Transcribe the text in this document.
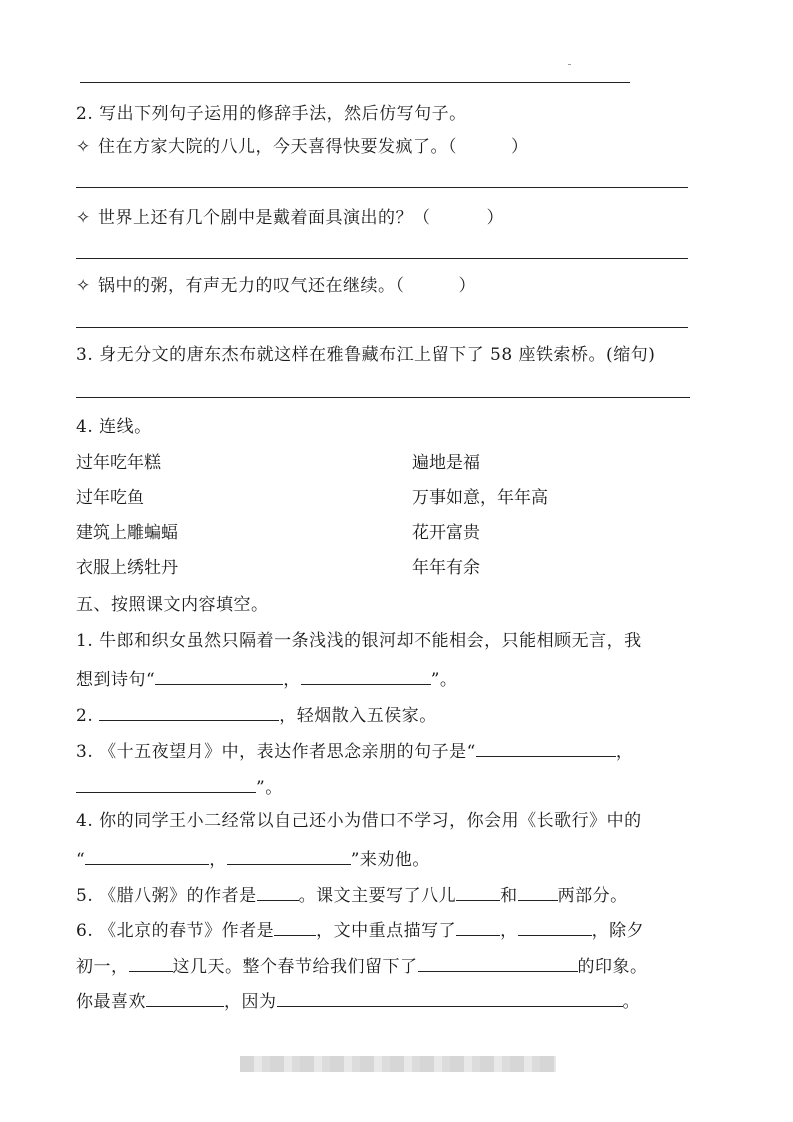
2. 写出下列句子运用的修辞手法，然后仿写句子。
✧ 住在方家大院的八儿，今天喜得快要发疯了。（	）
✧ 世界上还有几个剧中是戴着面具演出的？（	）
✧ 锅中的粥，有声无力的叹气还在继续。（	）
3. 身无分文的唐东杰布就这样在雅鲁藏布江上留下了 58 座铁索桥。(缩句)
4. 连线。
过年吃年糕	遍地是福
过年吃鱼	万事如意，年年高
建筑上雕蝙蝠	花开富贵
衣服上绣牡丹	年年有余
五、按照课文内容填空。
1. 牛郎和织女虽然只隔着一条浅浅的银河却不能相会，只能相顾无言，我
想到诗句“	，	”。
2.	，轻烟散入五侯家。
3. 《十五夜望月》中，表达作者思念亲朋的句子是“	，
”。
4. 你的同学王小二经常以自己还小为借口不学习，你会用《长歌行》中的
“	，	”来劝他。
5. 《腊八粥》的作者是 。课文主要写了八儿	和 两部分。
6. 《北京的春节》作者是 ，文中重点描写了	，	，除夕
初一，	这几天。整个春节给我们留下了	的印象。
你最喜欢	，因为	。
